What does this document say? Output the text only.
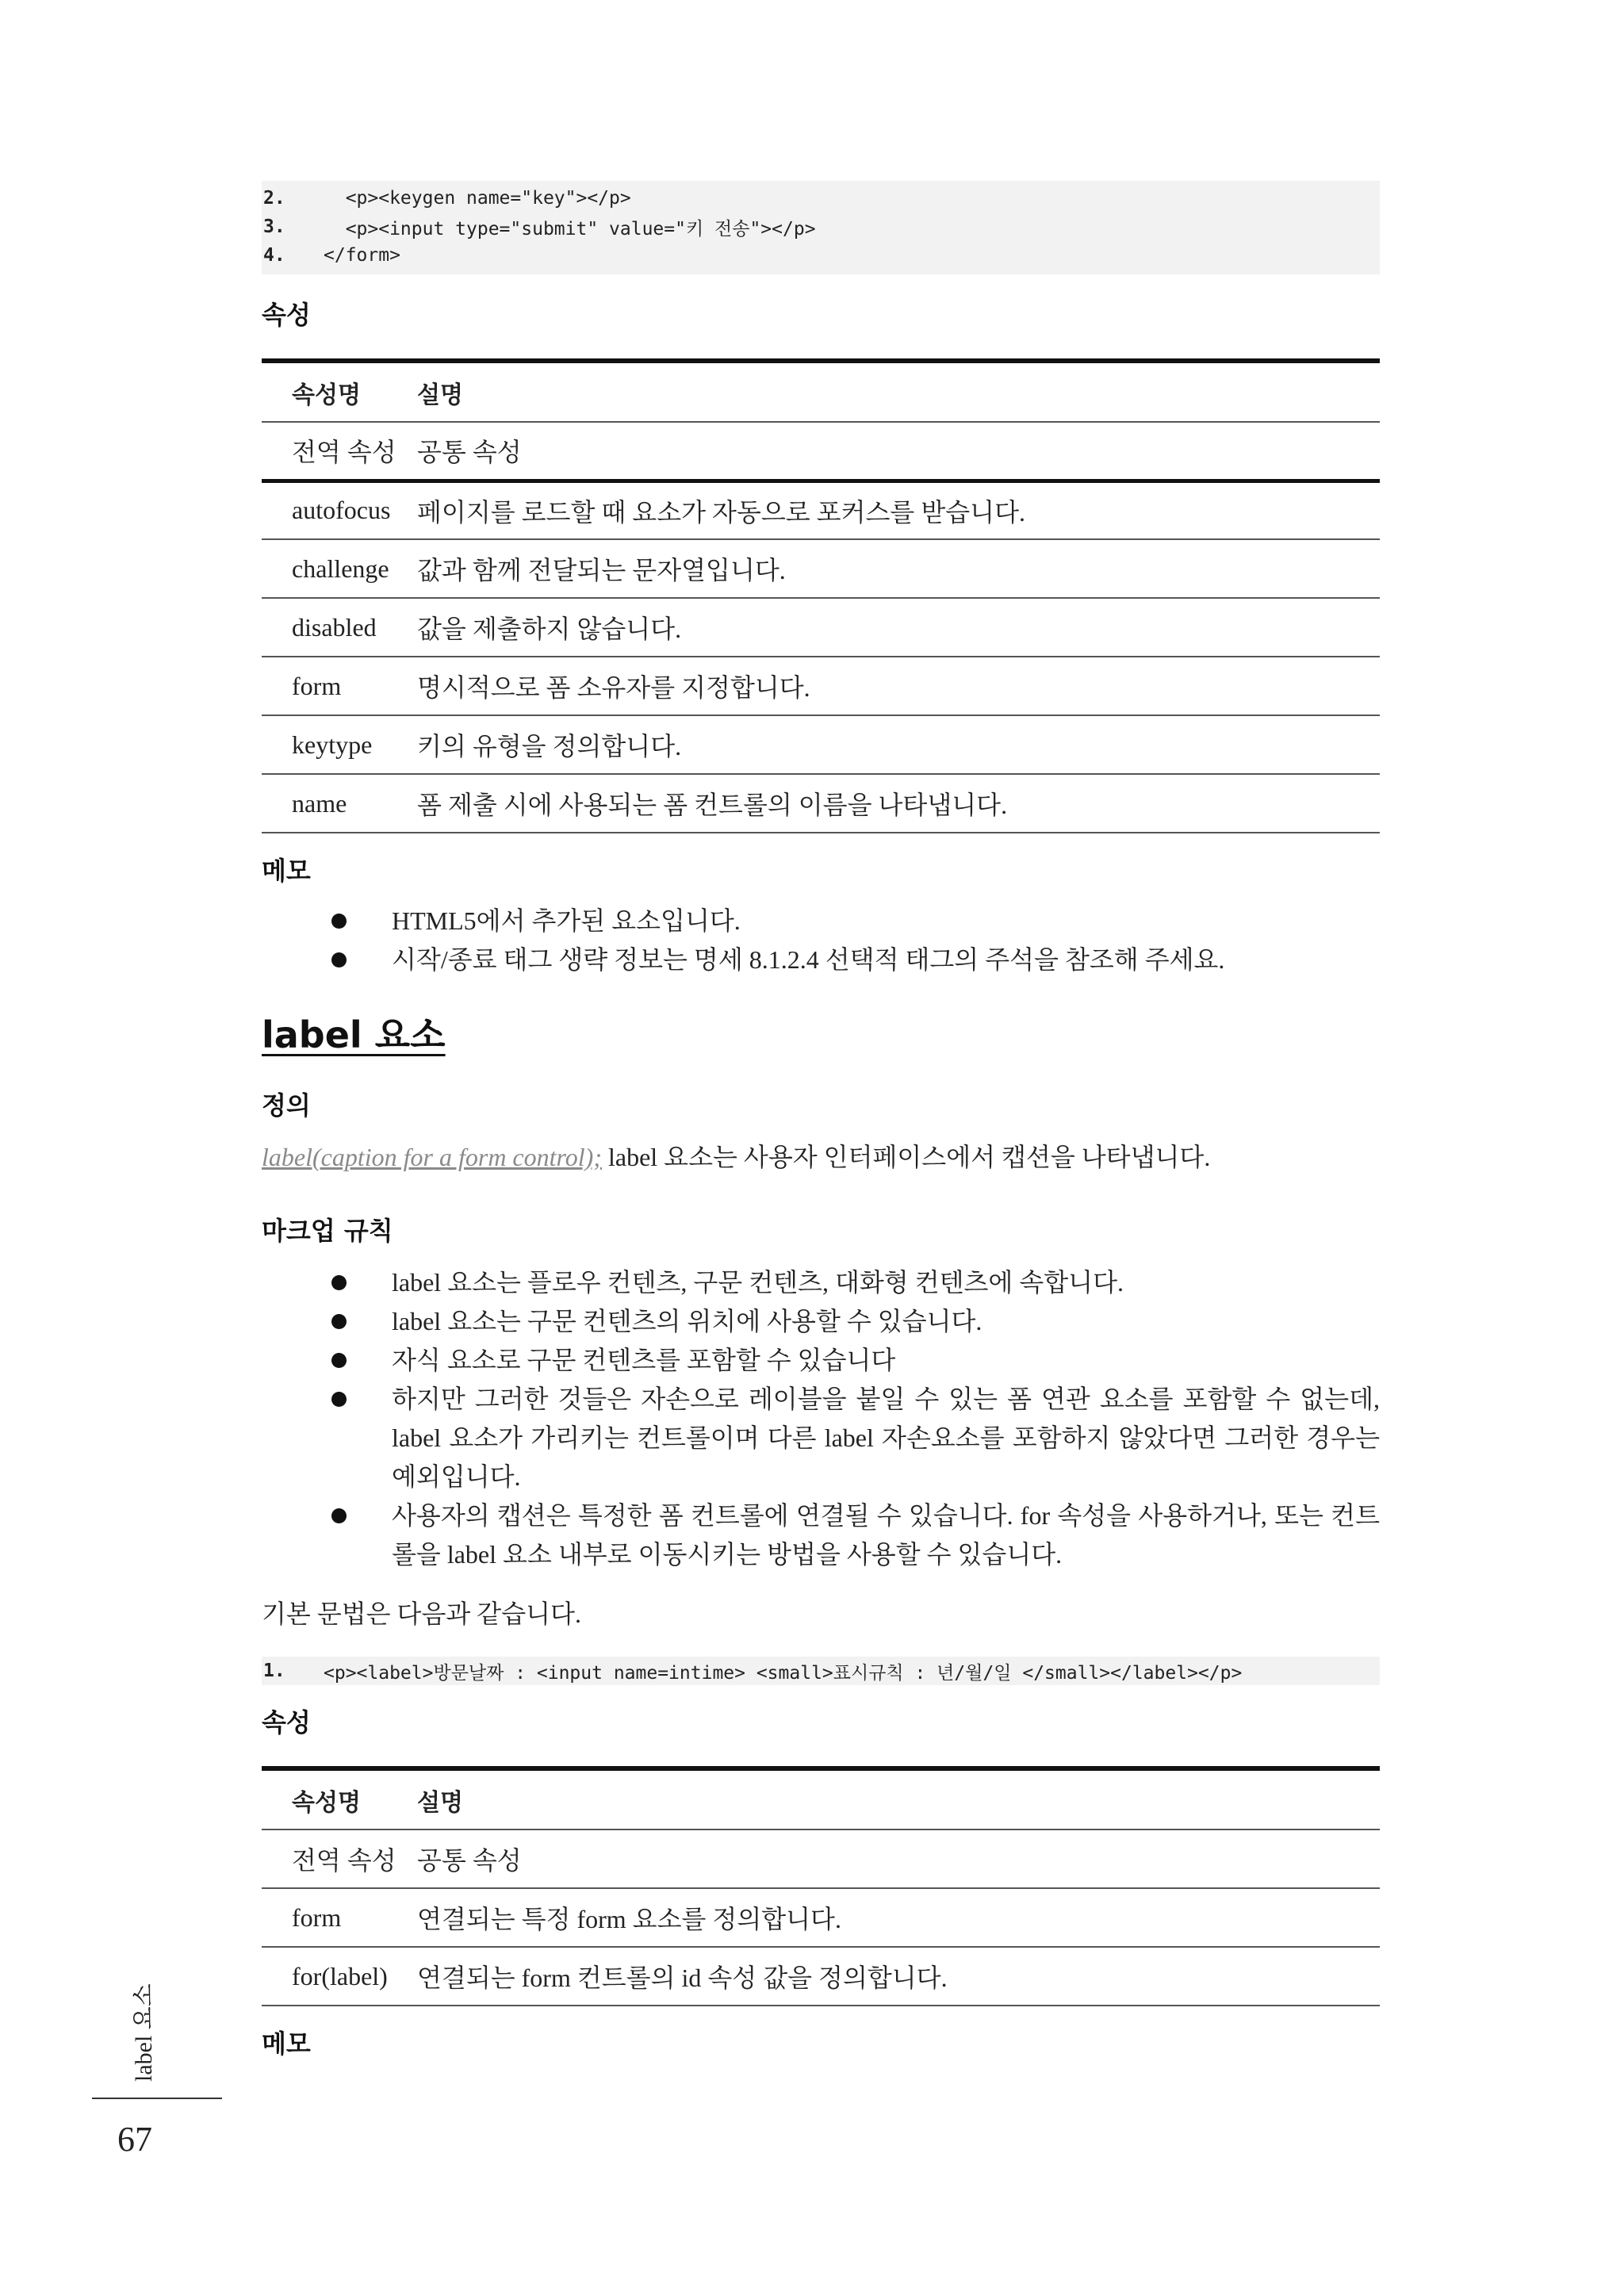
2.	<p><keygen name="key"></p>
3.	<p><input type="submit" value="키 전송"></p>
4.	</form>
속성
속성명	설명
전역 속성	공통 속성
autofocus	페이지를 로드할 때 요소가 자동으로 포커스를 받습니다.
challenge	값과 함께 전달되는 문자열입니다.
disabled	값을 제출하지 않습니다.
form	명시적으로 폼 소유자를 지정합니다.
keytype	키의 유형을 정의합니다.
name	폼 제출 시에 사용되는 폼 컨트롤의 이름을 나타냅니다.
메모
HTML5에서 추가된 요소입니다.
시작/종료 태그 생략 정보는 명세 8.1.2.4 선택적 태그의 주석을 참조해 주세요.
label 요소
정의
label(caption for a form control); label 요소는 사용자 인터페이스에서 캡션을 나타냅니다.
마크업 규칙
label 요소는 플로우 컨텐츠, 구문 컨텐츠, 대화형 컨텐츠에 속합니다.
label 요소는 구문 컨텐츠의 위치에 사용할 수 있습니다.
자식 요소로 구문 컨텐츠를 포함할 수 있습니다
하지만 그러한 것들은 자손으로 레이블을 붙일 수 있는 폼 연관 요소를 포함할 수 없는데, label 요소가 가리키는 컨트롤이며 다른 label 자손요소를 포함하지 않았다면 그러한 경우는 예외입니다.
사용자의 캡션은 특정한 폼 컨트롤에 연결될 수 있습니다. for 속성을 사용하거나, 또는 컨트롤을 label 요소 내부로 이동시키는 방법을 사용할 수 있습니다.
기본 문법은 다음과 같습니다.
1.	<p><label>방문날짜 : <input name=intime> <small>표시규칙 : 년/월/일 </small></label></p>
속성
속성명	설명
전역 속성	공통 속성
form	연결되는 특정 form 요소를 정의합니다.
for(label)	연결되는 form 컨트롤의 id 속성 값을 정의합니다.
메모
label 요소
67
